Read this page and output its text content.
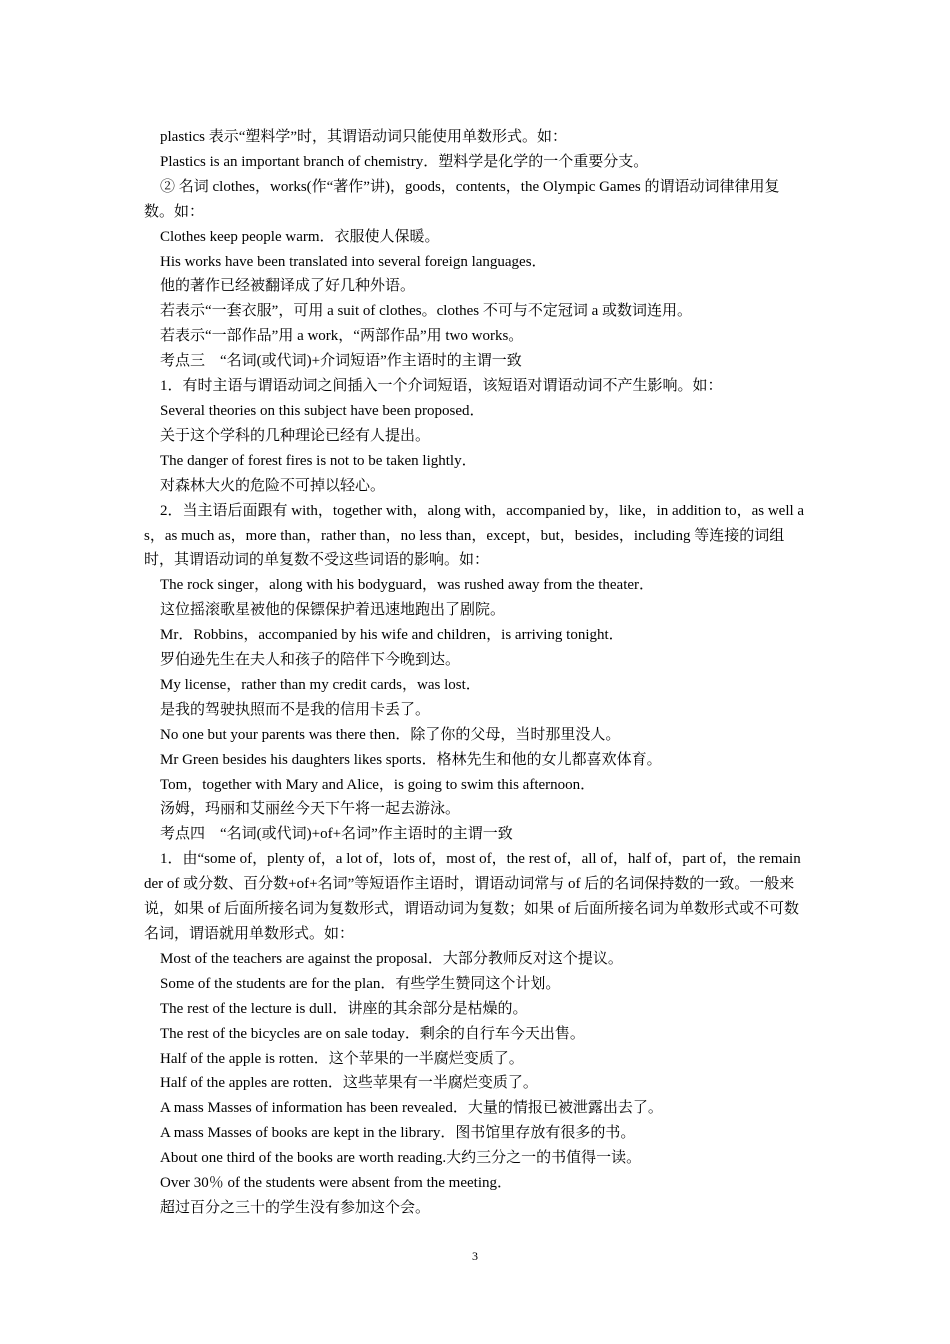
plastics 表示“塑料学”时，其谓语动词只能使用单数形式。如：

Plastics is an important branch of chemistry．塑料学是化学的一个重要分支。

② 名词 clothes，works(作“著作”讲)，goods，contents，the Olympic Games 的谓语动词律律用复数。如：

Clothes keep people warm．衣服使人保暖。

His works have been translated into several foreign languages．

他的著作已经被翻译成了好几种外语。

若表示“一套衣服”，可用 a suit of clothes。clothes 不可与不定冠词 a 或数词连用。

若表示“一部作品”用 a work，“两部作品”用 two works。

考点三　“名词(或代词)+介词短语”作主语时的主谓一致

1．有时主语与谓语动词之间插入一个介词短语，该短语对谓语动词不产生影响。如：

Several theories on this subject have been proposed．

关于这个学科的几种理论已经有人提出。

The danger of forest fires is not to be taken lightly．

对森林大火的危险不可掉以轻心。

2．当主语后面跟有 with，together with，along with，accompanied by，like，in addition to，as well as，as much as，more than，rather than，no less than，except，but，besides，including 等连接的词组时，其谓语动词的单复数不受这些词语的影响。如：

The rock singer，along with his bodyguard，was rushed away from the theater．

这位摇滚歌星被他的保镖保护着迅速地跑出了剧院。

Mr．Robbins，accompanied by his wife and children，is arriving tonight．

罗伯逊先生在夫人和孩子的陪伴下今晚到达。

My license，rather than my credit cards，was lost．

是我的驾驶执照而不是我的信用卡丢了。

No one but your parents was there then．除了你的父母，当时那里没人。

Mr Green besides his daughters likes sports．格林先生和他的女儿都喜欢体育。

Tom，together with Mary and Alice，is going to swim this afternoon．

汤姆，玛丽和艾丽丝今天下午将一起去游泳。

考点四　“名词(或代词)+of+名词”作主语时的主谓一致

1．由“some of，plenty of，a lot of，lots of，most of，the rest of，all of，half of，part of，the remainder of 或分数、百分数+of+名词”等短语作主语时，谓语动词常与 of 后的名词保持数的一致。一般来说，如果 of 后面所接名词为复数形式，谓语动词为复数；如果 of 后面所接名词为单数形式或不可数名词，谓语就用单数形式。如：

Most of the teachers are against the proposal．大部分教师反对这个提议。

Some of the students are for the plan．有些学生赞同这个计划。

The rest of the lecture is dull．讲座的其余部分是枯燥的。

The rest of the bicycles are on sale today．剩余的自行车今天出售。

Half of the apple is rotten．这个苹果的一半腐烂变质了。

Half of the apples are rotten．这些苹果有一半腐烂变质了。

A mass Masses of information has been revealed．大量的情报已被泄露出去了。

A mass Masses of books are kept in the library．图书馆里存放有很多的书。

About one third of the books are worth reading.大约三分之一的书值得一读。

Over 30％ of the students were absent from the meeting．

超过百分之三十的学生没有参加这个会。

3
